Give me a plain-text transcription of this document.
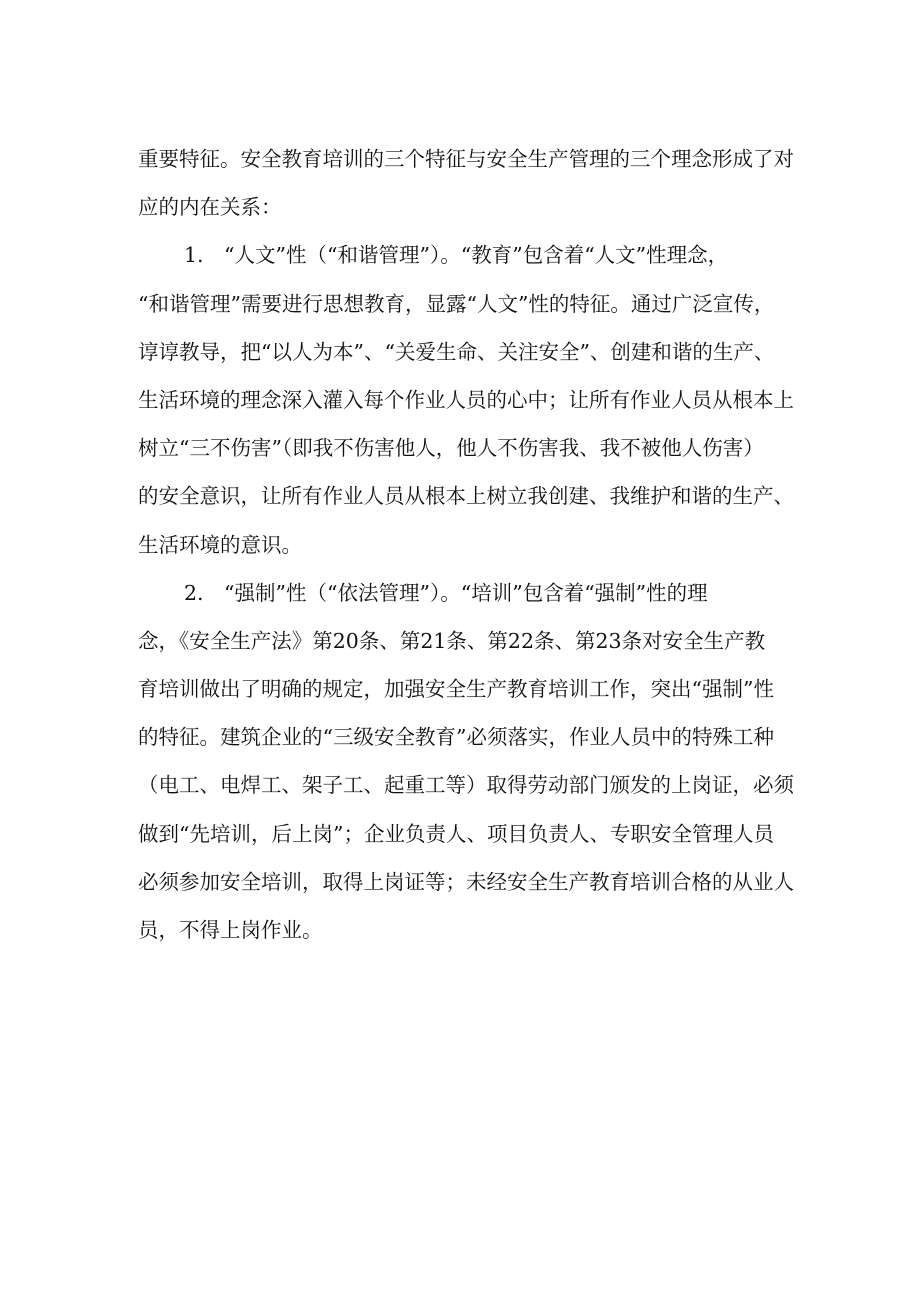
重要特征。安全教育培训的三个特征与安全生产管理的三个理念形成了对
应的内在关系：
1.　“人文”性（“和谐管理”）。“教育”包含着“人文”性理念，
“和谐管理”需要进行思想教育，显露“人文”性的特征。通过广泛宣传，
谆谆教导，把“以人为本”、“关爱生命、关注安全”、创建和谐的生产、
生活环境的理念深入灌入每个作业人员的心中；让所有作业人员从根本上
树立“三不伤害”（即我不伤害他人，他人不伤害我、我不被他人伤害）
的安全意识，让所有作业人员从根本上树立我创建、我维护和谐的生产、
生活环境的意识。
2.　“强制”性（“依法管理”）。“培训”包含着“强制”性的理
念，《安全生产法》第20条、第21条、第22条、第23条对安全生产教
育培训做出了明确的规定，加强安全生产教育培训工作，突出“强制”性
的特征。建筑企业的“三级安全教育”必须落实，作业人员中的特殊工种
（电工、电焊工、架子工、起重工等）取得劳动部门颁发的上岗证，必须
做到“先培训，后上岗”；企业负责人、项目负责人、专职安全管理人员
必须参加安全培训，取得上岗证等；未经安全生产教育培训合格的从业人
员，不得上岗作业。
